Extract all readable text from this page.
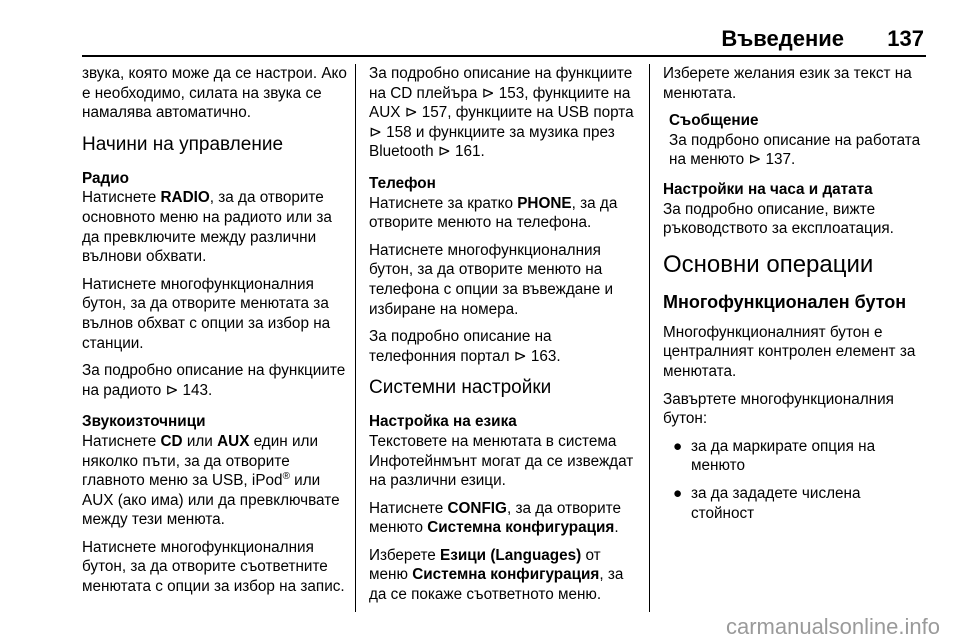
Въведение 137

звука, която може да се настрои. Ако е необходимо, силата на звука се намалява автоматично.

Начини на управление
Радио

Натиснете RADIO, за да отворите основното меню на радиото или за да превключите между различни вълнови обхвати.

Натиснете многофункционалния бутон, за да отворите менютата за вълнов обхват с опции за избор на станции.

За подробно описание на функциите на радиото ⊳ 143.

Звукоизточници

Натиснете CD или AUX един или няколко пъти, за да отворите главното меню за USB, iPod® или AUX (ако има) или да превключвате между тези менюта.

Натиснете многофункционалния бутон, за да отворите съответните менютата с опции за избор на запис.

За подробно описание на функциите на CD плейъра ⊳ 153, функциите на AUX ⊳ 157, функциите на USB порта ⊳ 158 и функциите за музика през Bluetooth ⊳ 161.

Телефон

Натиснете за кратко PHONE, за да отворите менюто на телефона.

Натиснете многофункционалния бутон, за да отворите менюто на телефона с опции за въвеждане и избиране на номера.

За подробно описание на телефонния портал ⊳ 163.

Системни настройки
Настройка на езика

Текстовете на менютата в система Инфотейнмънт могат да се извеждат на различни езици.

Натиснете CONFIG, за да отворите менюто Системна конфигурация.

Изберете Езици (Languages) от меню Системна конфигурация, за да се покаже съответното меню.

Изберете желания език за текст на менютата.

Съобщение
За подрбоно описание на работата на менюто ⊳ 137.
Настройки на часа и датата

За подробно описание, вижте ръководството за експлоатация.

Основни операции
Многофункционален бутон

Многофункционалният бутон е централният контролен елемент за менютата.

Завъртете многофункционалния бутон:

● за да маркирате опция на менюто
● за да зададете числена стойност
carmanualsonline.info
